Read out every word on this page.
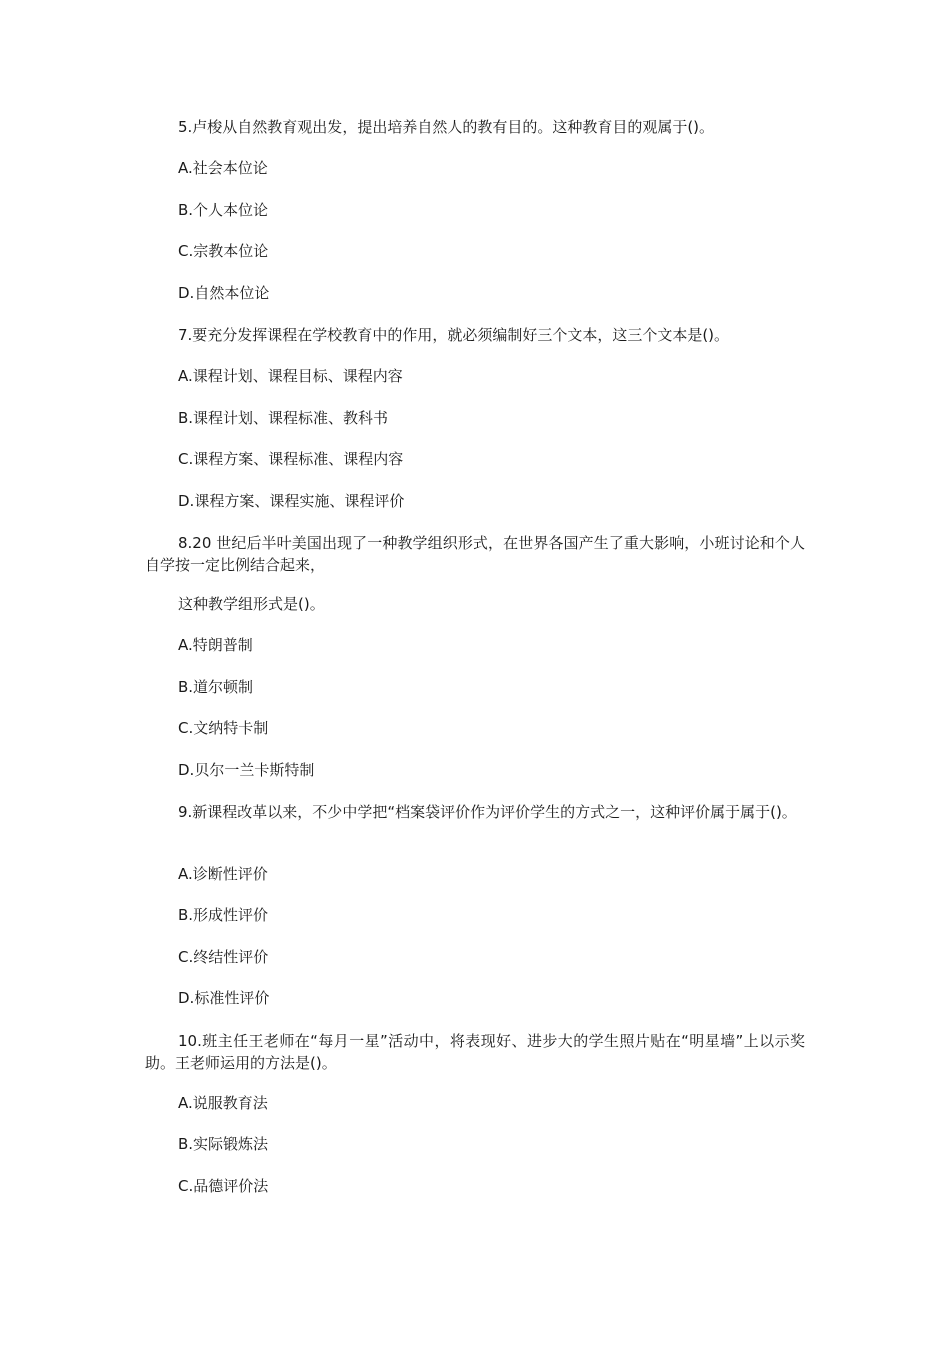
5.卢梭从自然教育观出发，提出培养自然人的教有目的。这种教育目的观属于()。
A.社会本位论
B.个人本位论
C.宗教本位论
D.自然本位论
7.要充分发挥课程在学校教育中的作用，就必须编制好三个文本，这三个文本是()。
A.课程计划、课程目标、课程内容
B.课程计划、课程标准、教科书
C.课程方案、课程标准、课程内容
D.课程方案、课程实施、课程评价
8.20 世纪后半叶美国出现了一种教学组织形式，在世界各国产生了重大影响，小班讨论和个人自学按一定比例结合起来，
这种教学组形式是()。
A.特朗普制
B.道尔顿制
C.文纳特卡制
D.贝尔一兰卡斯特制
9.新课程改革以来，不少中学把“档案袋评价作为评价学生的方式之一，这种评价属于属于()。
A.诊断性评价
B.形成性评价
C.终结性评价
D.标准性评价
10.班主任王老师在“每月一星”活动中，将表现好、进步大的学生照片贴在“明星墙”上以示奖助。王老师运用的方法是()。
A.说服教育法
B.实际锻炼法
C.品德评价法
